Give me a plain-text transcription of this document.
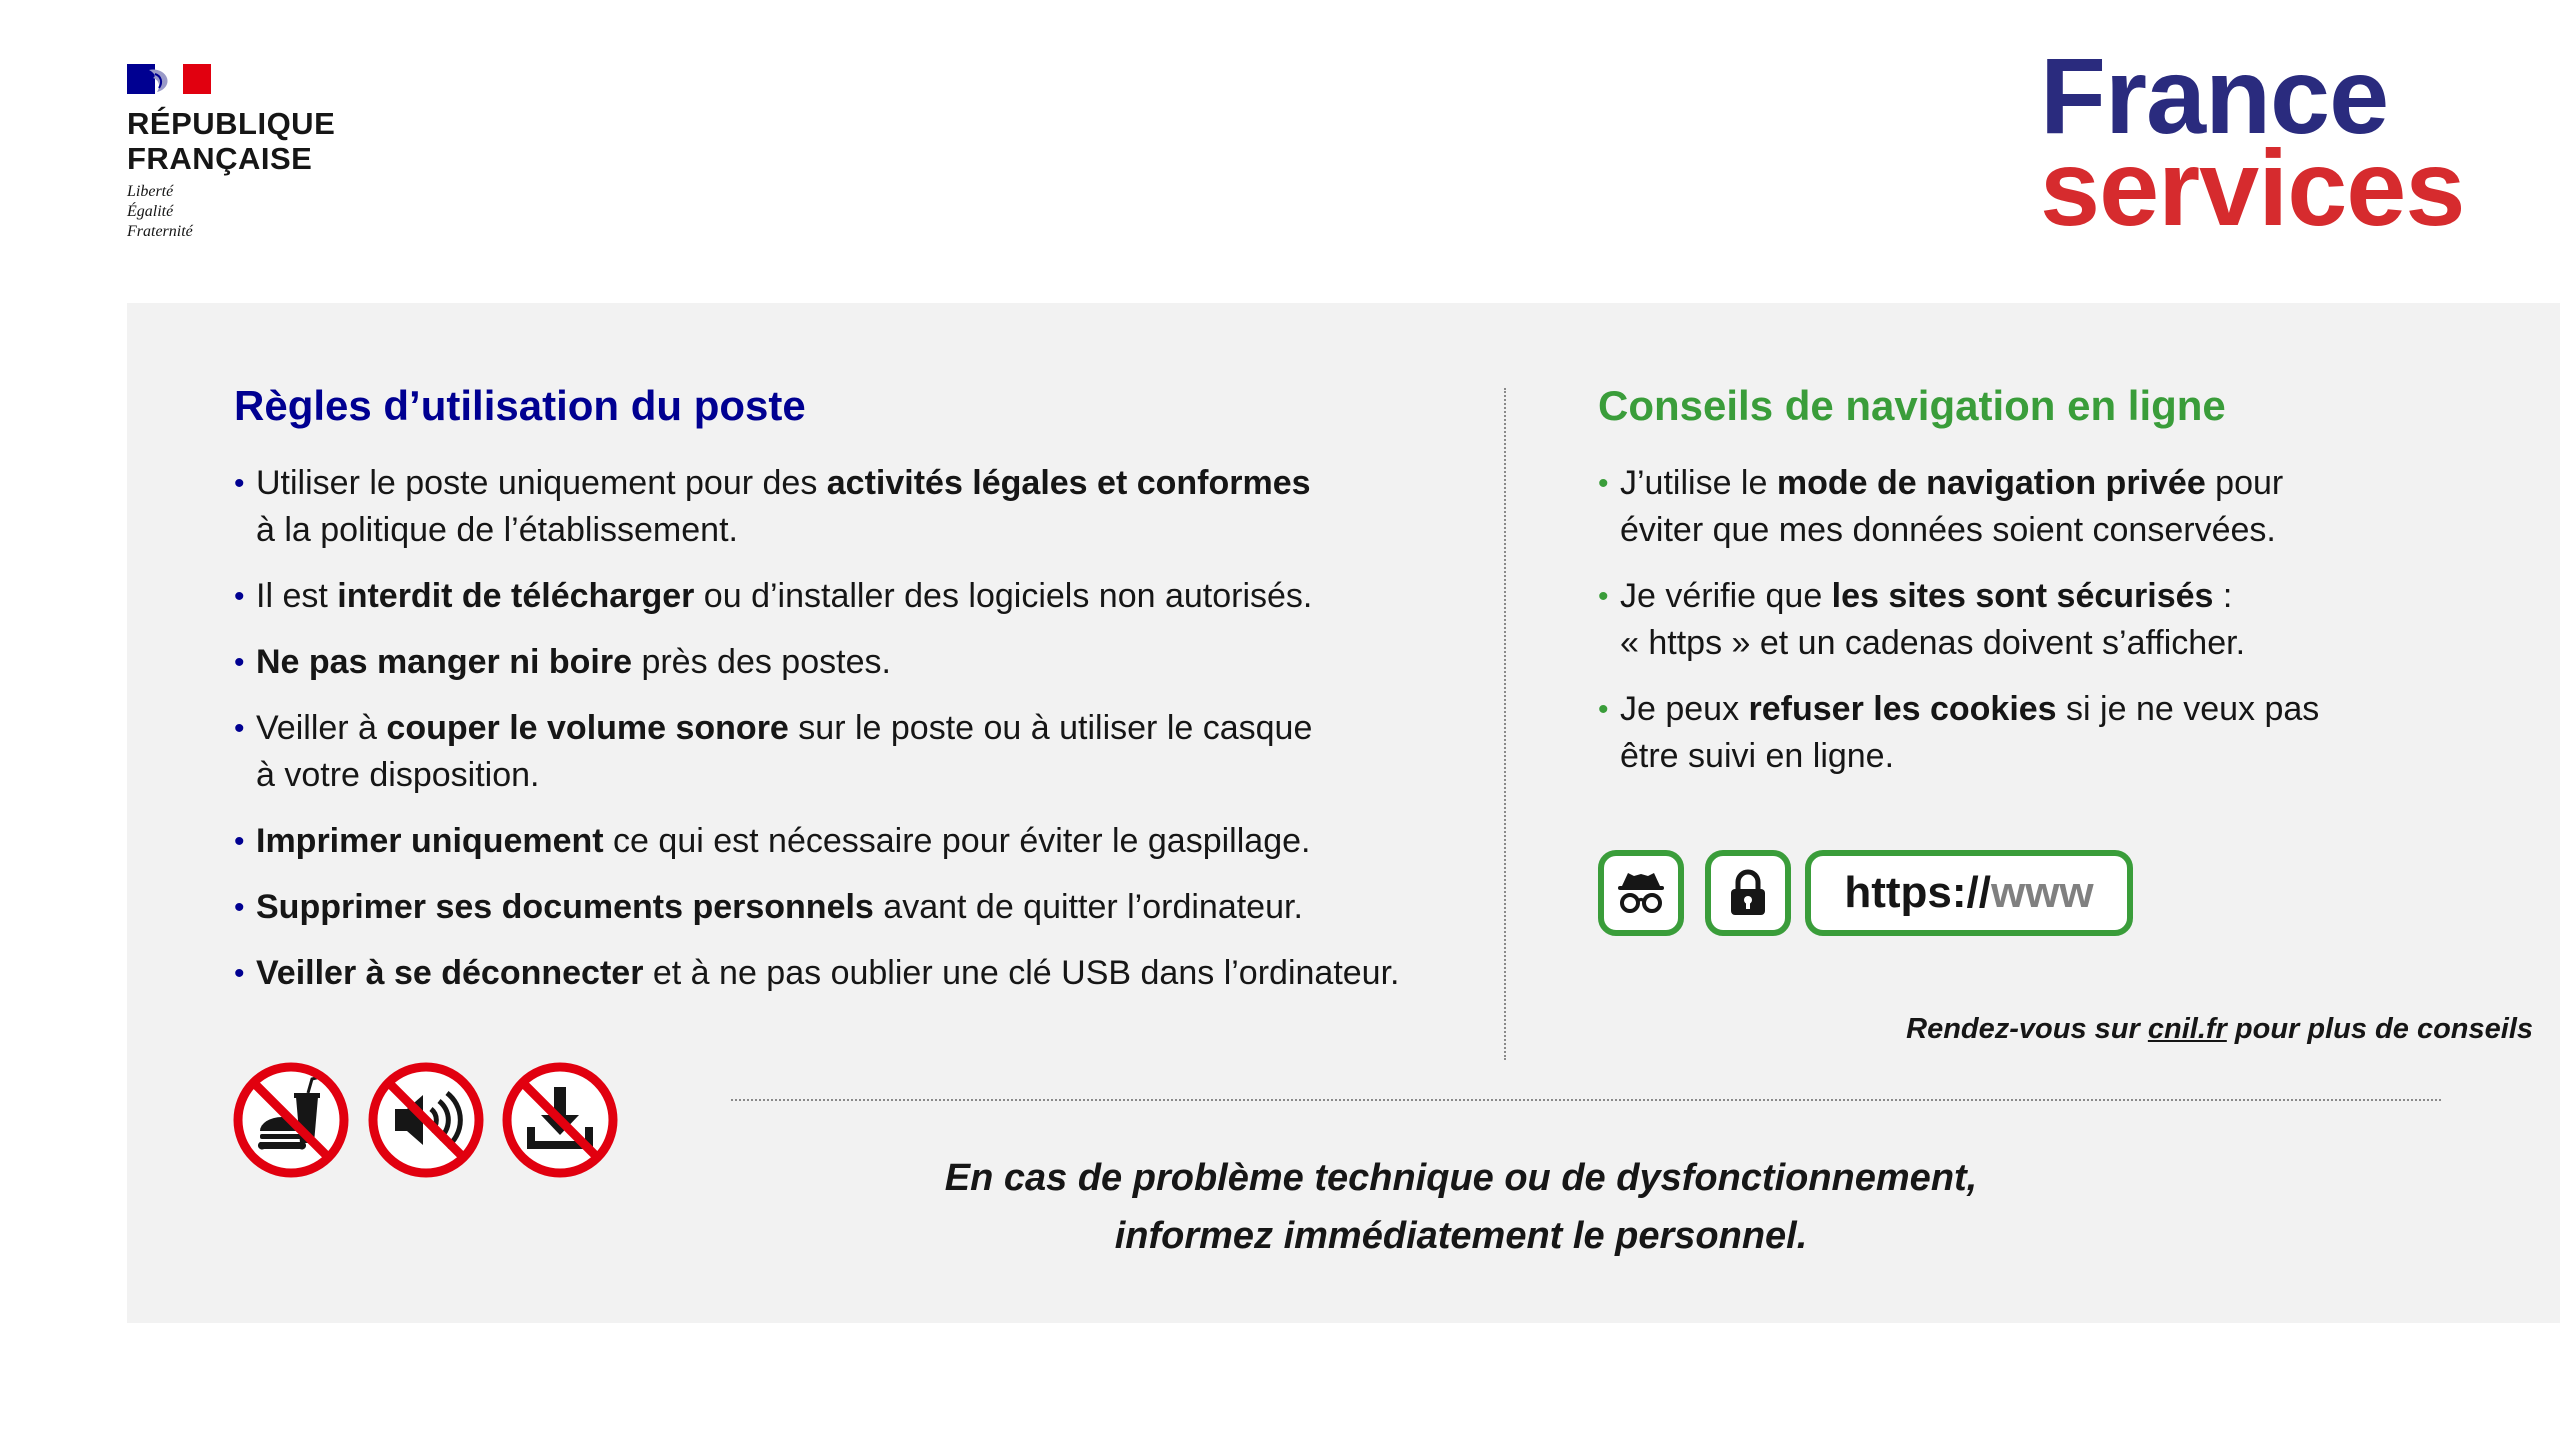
RÉPUBLIQUE
FRANÇAISE
Liberté
Égalité
Fraternité
France
services
Règles d’utilisation du poste
• Utiliser le poste uniquement pour des activités légales et conformes
à la politique de l’établissement.
• Il est interdit de télécharger ou d’installer des logiciels non autorisés.
• Ne pas manger ni boire près des postes.
• Veiller à couper le volume sonore sur le poste ou à utiliser le casque
à votre disposition.
• Imprimer uniquement ce qui est nécessaire pour éviter le gaspillage.
• Supprimer ses documents personnels avant de quitter l’ordinateur.
• Veiller à se déconnecter et à ne pas oublier une clé USB dans l’ordinateur.
Conseils de navigation en ligne
• J’utilise le mode de navigation privée pour
éviter que mes données soient conservées.
• Je vérifie que les sites sont sécurisés :
« https » et un cadenas doivent s’afficher.
• Je peux refuser les cookies si je ne veux pas
être suivi en ligne.
https:// www
Rendez-vous sur cnil.fr pour plus de conseils
En cas de problème technique ou de dysfonctionnement,
informez immédiatement le personnel.
